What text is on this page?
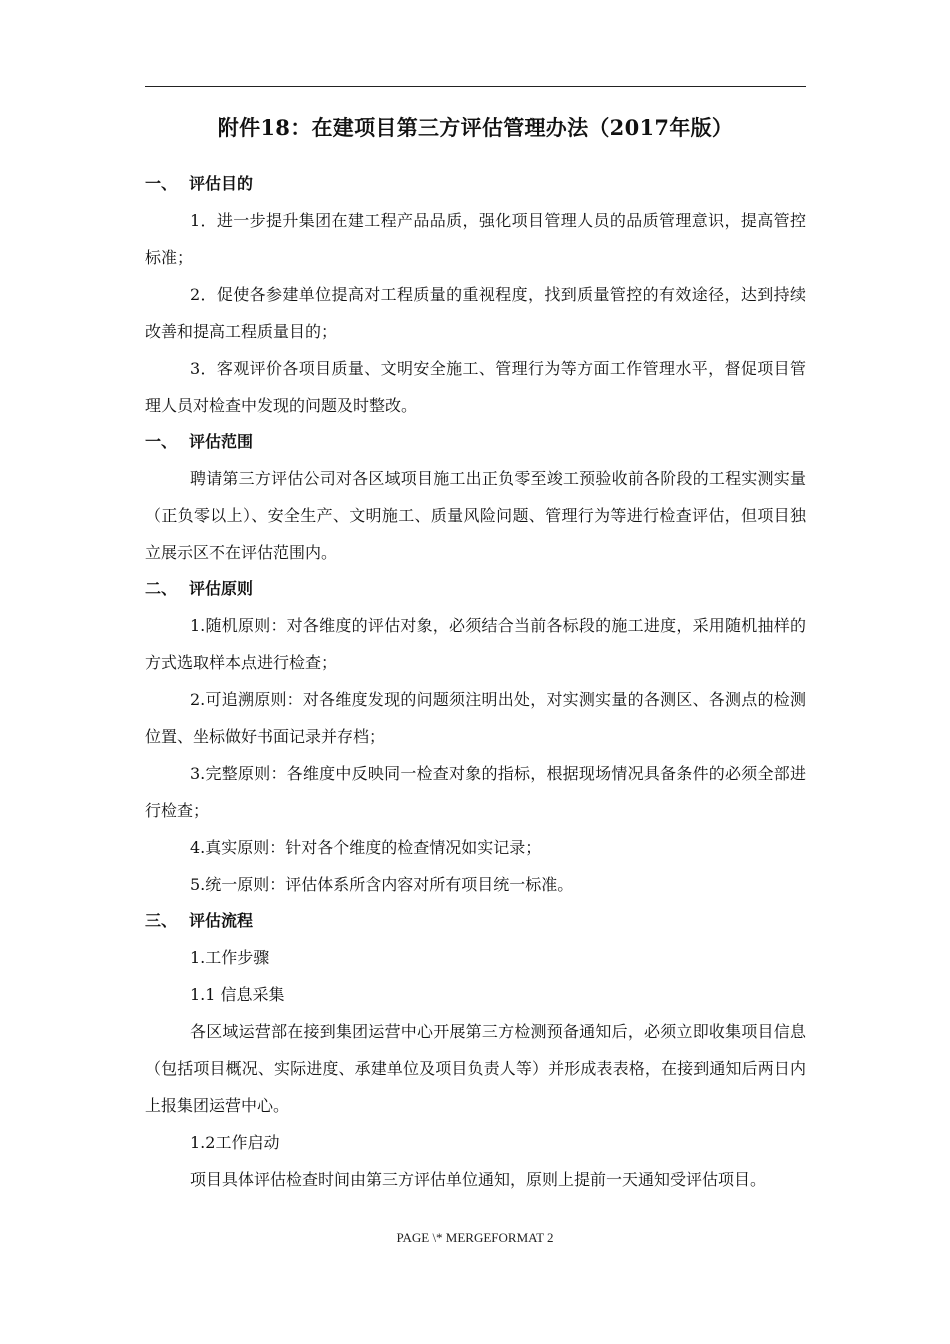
附件18：在建项目第三方评估管理办法（2017年版）

一、 评估目的

1．进一步提升集团在建工程产品品质，强化项目管理人员的品质管理意识，提高管控标准；

2．促使各参建单位提高对工程质量的重视程度，找到质量管控的有效途径，达到持续改善和提高工程质量目的；

3．客观评价各项目质量、文明安全施工、管理行为等方面工作管理水平，督促项目管理人员对检查中发现的问题及时整改。

一、 评估范围

聘请第三方评估公司对各区域项目施工出正负零至竣工预验收前各阶段的工程实测实量（正负零以上）、安全生产、文明施工、质量风险问题、管理行为等进行检查评估，但项目独立展示区不在评估范围内。

二、 评估原则

1.随机原则：对各维度的评估对象，必须结合当前各标段的施工进度，采用随机抽样的方式选取样本点进行检查；

2.可追溯原则：对各维度发现的问题须注明出处，对实测实量的各测区、各测点的检测位置、坐标做好书面记录并存档；

3.完整原则：各维度中反映同一检查对象的指标，根据现场情况具备条件的必须全部进行检查；

4.真实原则：针对各个维度的检查情况如实记录；

5.统一原则：评估体系所含内容对所有项目统一标准。

三、 评估流程

1.工作步骤

1.1 信息采集

各区域运营部在接到集团运营中心开展第三方检测预备通知后，必须立即收集项目信息（包括项目概况、实际进度、承建单位及项目负责人等）并形成表表格，在接到通知后两日内上报集团运营中心。

1.2工作启动

项目具体评估检查时间由第三方评估单位通知，原则上提前一天通知受评估项目。

PAGE \* MERGEFORMAT 2
